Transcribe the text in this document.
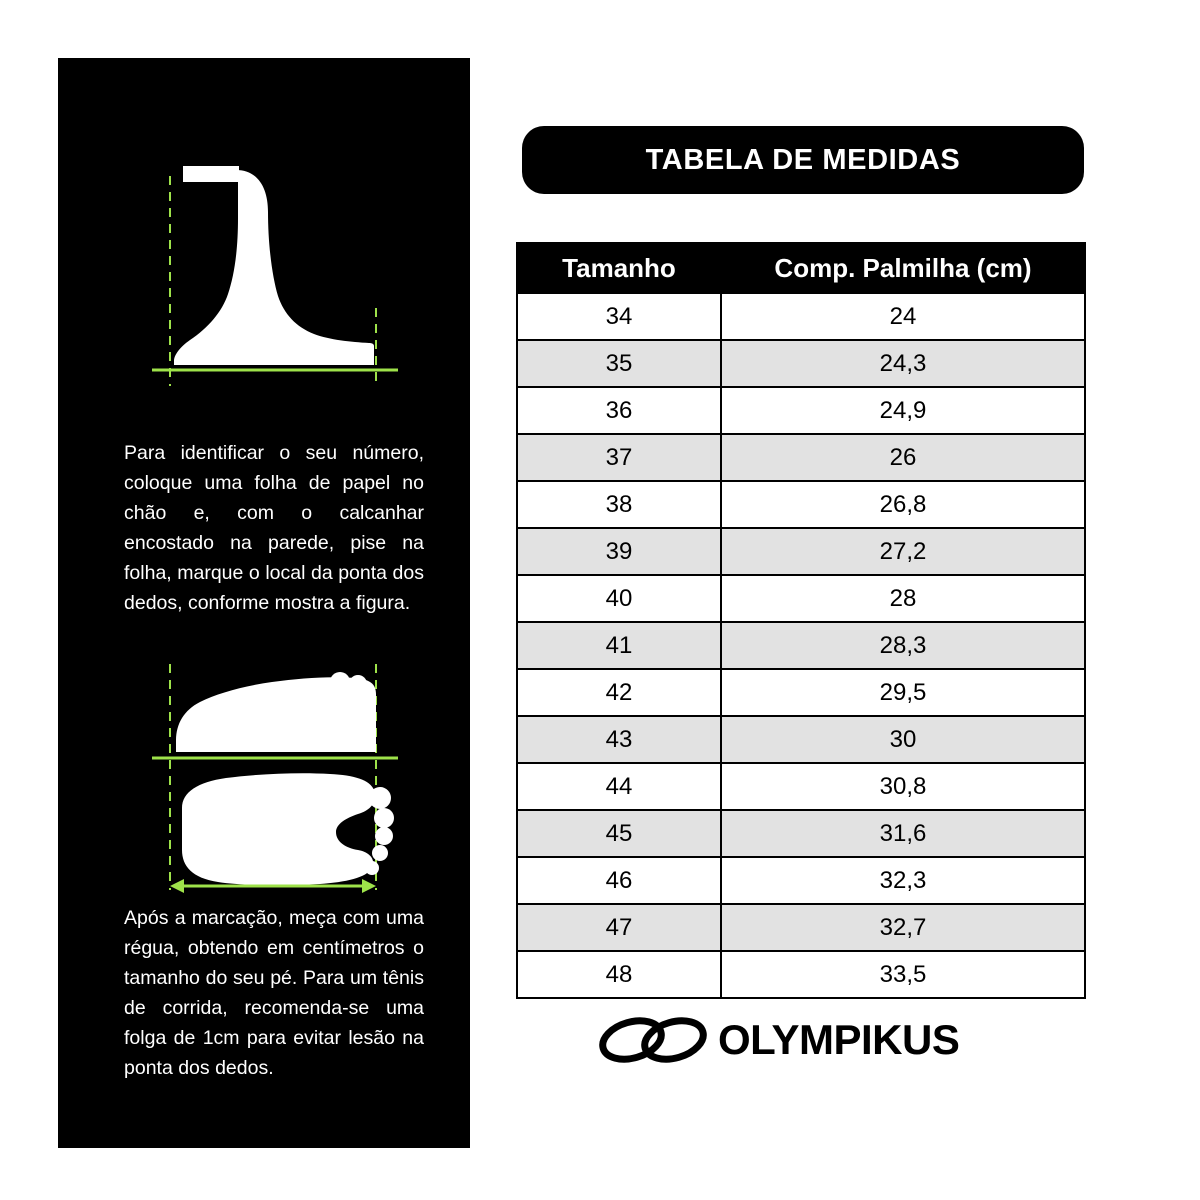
Para identificar o seu número, coloque uma folha de papel no chão e, com o calcanhar encostado na parede, pise na folha, marque o local da ponta dos dedos, conforme mostra a figura.
Após a marcação, meça com uma régua, obtendo em centímetros o tamanho do seu pé. Para um tênis de corrida, recomenda-se uma folga de 1cm para evitar lesão na ponta dos dedos.
TABELA DE MEDIDAS
Tamanho	Comp. Palmilha (cm)
34	24
35	24,3
36	24,9
37	26
38	26,8
39	27,2
40	28
41	28,3
42	29,5
43	30
44	30,8
45	31,6
46	32,3
47	32,7
48	33,5
OLYMPIKUS
